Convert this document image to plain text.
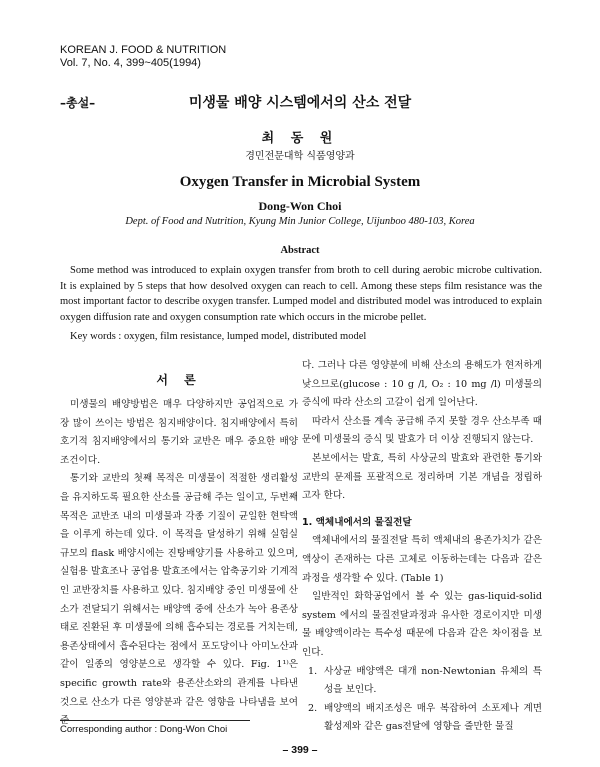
KOREAN J. FOOD & NUTRITION
Vol. 7, No. 4, 399~405(1994)
–총설–	미생물 배양 시스템에서의 산소 전달
최 동 원
경민전문대학 식품영양과
Oxygen Transfer in Microbial System
Dong-Won Choi
Dept. of Food and Nutrition, Kyung Min Junior College, Uijunboo 480-103, Korea
Abstract

Some method was introduced to explain oxygen transfer from broth to cell during aerobic microbe cultivation. It is explained by 5 steps that how desolved oxygen can reach to cell. Among these steps film resistance was the most important factor to describe oxygen transfer. Lumped model and distributed model was introduced to explain oxygen diffusion rate and oxygen consumption rate which occurs in the microbe pellet.

Key words : oxygen, film resistance, lumped model, distributed model
서 론

미생물의 배양방법은 매우 다양하지만 공업적으로 가장 많이 쓰이는 방법은 침지배양이다. 침지배양에서 특히 호기적 침지배양에서의 통기와 교반은 매우 중요한 배양조건이다.

통기와 교반의 첫째 목적은 미생물이 적절한 생리활성을 유지하도록 필요한 산소를 공급해 주는 일이고, 두번째 목적은 교반조 내의 미생물과 각종 기질이 균일한 현탁액을 이루게 하는데 있다. 이 목적을 달성하기 위해 실험실 규모의 flask 배양시에는 진탕배양기를 사용하고 있으며, 실험용 발효조나 공업용 발효조에서는 압축공기와 기계적인 교반장치를 사용하고 있다. 침지배양 중인 미생물에 산소가 전달되기 위해서는 배양액 중에 산소가 녹아 용존상태로 진환된 후 미생물에 의해 흡수되는 경로를 거치는데, 용존상태에서 흡수된다는 점에서 포도당이나 아미노산과 같이 일종의 영양분으로 생각할 수 있다. Fig. 1¹⁾은 specific growth rate와 용존산소와의 관계를 나타낸 것으로 산소가 다른 영양분과 같은 영향을 나타냄을 보여준

다. 그러나 다른 영양분에 비해 산소의 용해도가 현저하게 낮으므로(glucose : 10 g /l, O₂ : 10 mg /l) 미생물의 증식에 따라 산소의 고갈이 쉽게 일어난다.

따라서 산소를 계속 공급해 주지 못할 경우 산소부족 때문에 미생물의 증식 및 발효가 더 이상 진행되지 않는다.

본보에서는 발효, 특히 사상균의 발효와 관련한 통기와 교반의 문제를 포괄적으로 정리하며 기본 개념을 정립하고자 한다.

1. 액체내에서의 물질전달

액체내에서의 물질전달 특히 액체내의 용존가치가 같은 액상이 존재하는 다른 고체로 이동하는데는 다음과 같은 과정을 생각할 수 있다. (Table 1)

일반적인 화학공업에서 볼 수 있는 gas-liquid-solid system 에서의 물질전달과정과 유사한 경로이지만 미생물 배양액이라는 특수성 때문에 다음과 같은 차이점을 보인다.

1. 사상균 배양액은 대개 non-Newtonian 유체의 특성을 보인다.
2. 배양액의 배지조성은 매우 복잡하여 소포제나 계면활성제와 같은 gas전달에 영향을 줄만한 물질
Corresponding author : Dong-Won Choi
– 399 –
